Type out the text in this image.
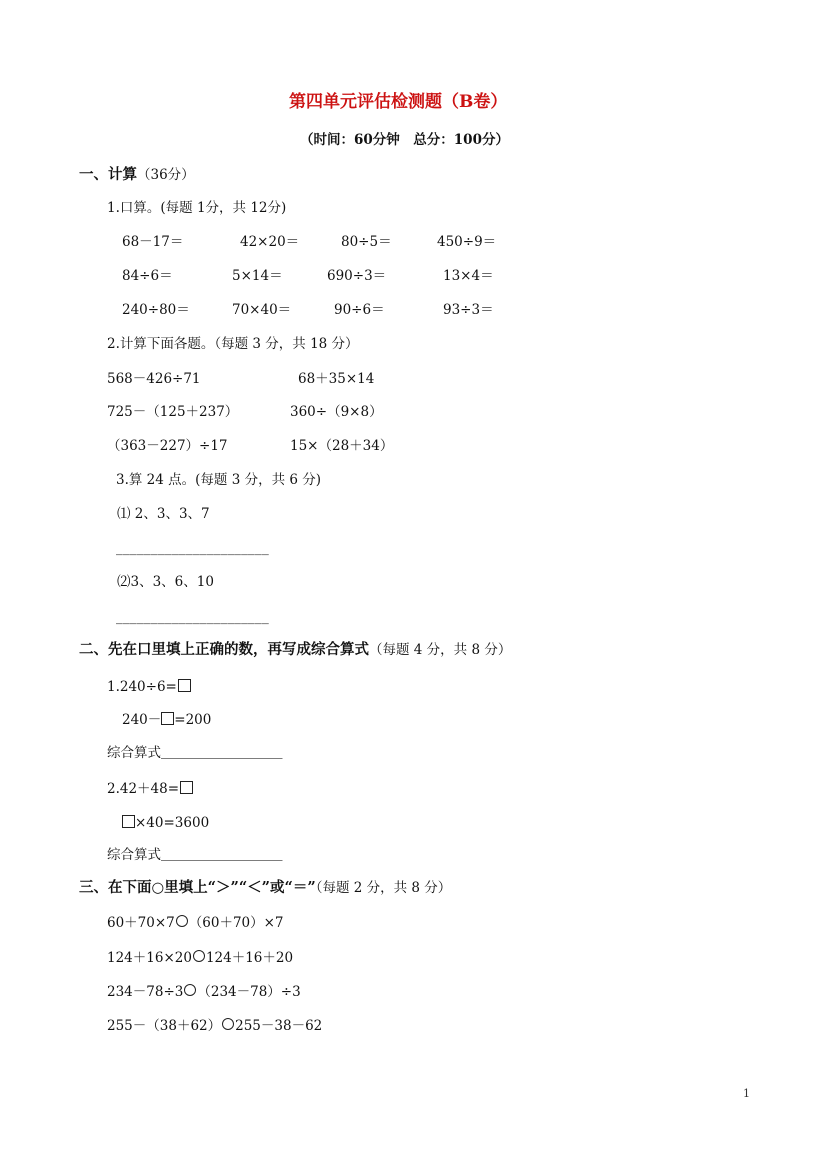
第四单元评估检测题（B卷）
（时间：60分钟　总分：100分）
一、计算（36分）
1.口算。(每题 1分，共 12分)
68－17＝	42×20＝	80÷5＝	450÷9＝
84÷6＝	5×14＝	690÷3＝	13×4＝
240÷80＝	70×40＝	90÷6＝	93÷3＝
2.计算下面各题。（每题 3 分，共 18 分）
568－426÷71	68＋35×14
725－（125＋237）	360÷（9×8）
（363－227）÷17	15×（28＋34）
3.算 24 点。(每题 3 分，共 6 分)
⑴ 2、3、3、7
______________________
⑵3、3、6、10
______________________
二、先在口里填上正确的数，再写成综合算式（每题 4 分，共 8 分）
1.240÷6=
240－ =200
综合算式＿＿＿＿＿＿＿＿＿
2.42＋48=
×40=3600
综合算式＿＿＿＿＿＿＿＿＿
三、在下面○里填上“＞”“＜”或“＝”（每题 2 分，共 8 分）
60＋70×7 （60＋70）×7
124＋16×20 124＋16＋20
234－78÷3 （234－78）÷3
255－（38＋62） 255－38－62
1
